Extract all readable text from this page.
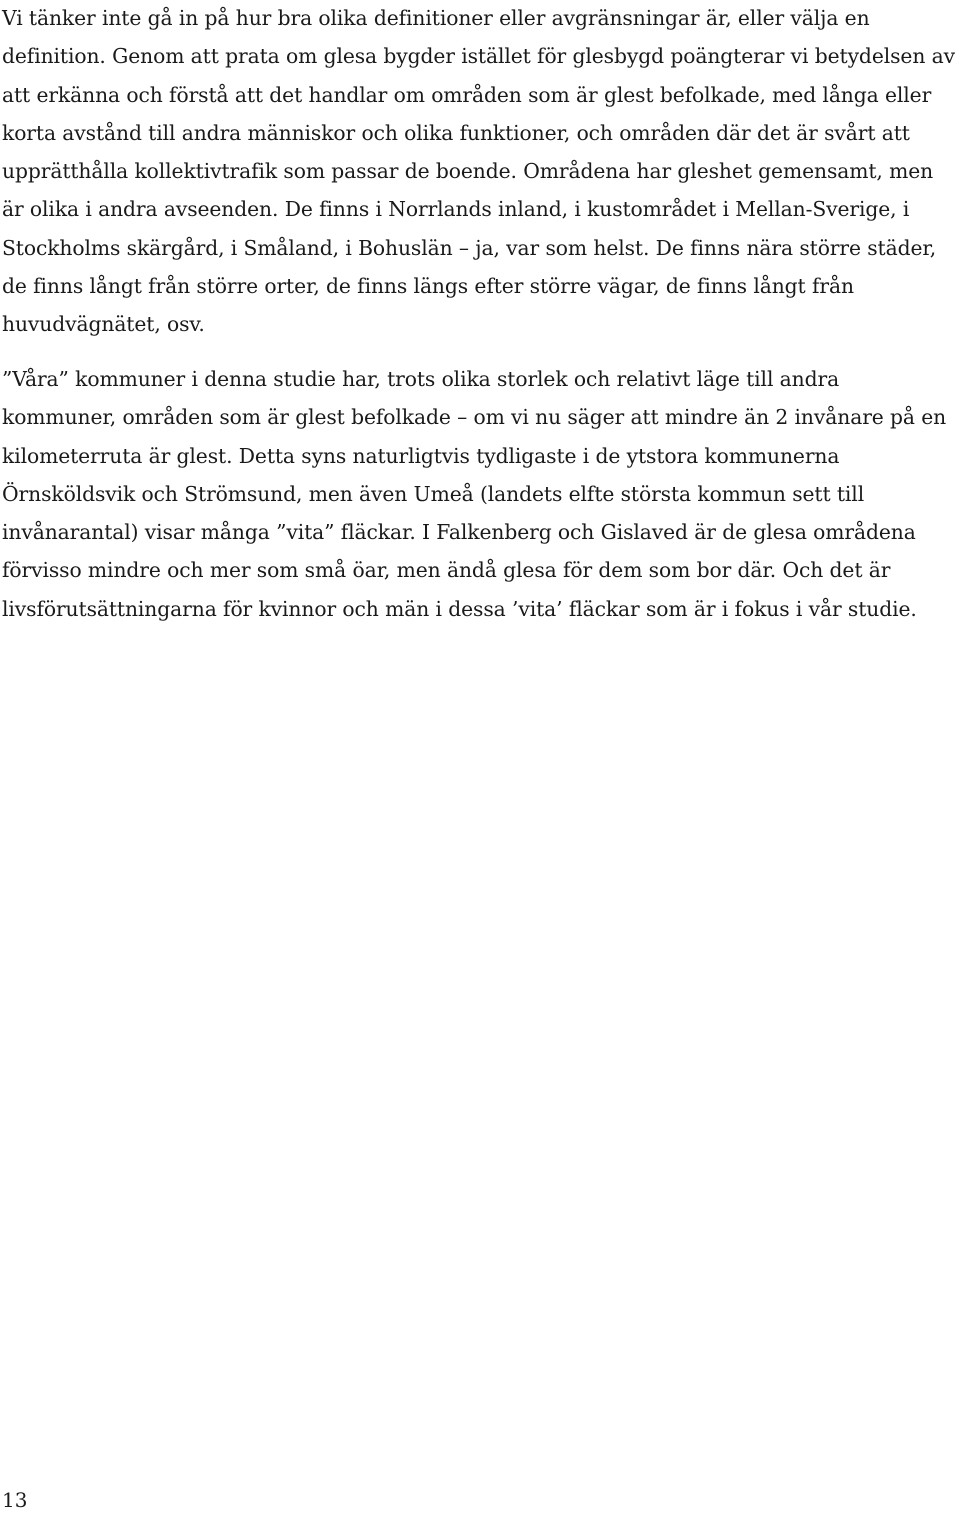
Vi tänker inte gå in på hur bra olika definitioner eller avgränsningar är, eller välja en definition. Genom att prata om glesa bygder istället för glesbygd poängterar vi betydelsen av att erkänna och förstå att det handlar om områden som är glest befolkade, med långa eller korta avstånd till andra människor och olika funktioner, och områden där det är svårt att upprätthålla kollektivtrafik som passar de boende. Områdena har gleshet gemensamt, men är olika i andra avseenden. De finns i Norrlands inland, i kustområdet i Mellan-Sverige, i Stockholms skärgård, i Småland, i Bohuslän – ja, var som helst. De finns nära större städer, de finns långt från större orter, de finns längs efter större vägar, de finns långt från huvudvägnätet, osv.

”Våra” kommuner i denna studie har, trots olika storlek och relativt läge till andra kommuner, områden som är glest befolkade – om vi nu säger att mindre än 2 invånare på en kilometerruta är glest. Detta syns naturligtvis tydligaste i de ytstora kommunerna Örnsköldsvik och Strömsund, men även Umeå (landets elfte största kommun sett till invånarantal) visar många ”vita” fläckar. I Falkenberg och Gislaved är de glesa områdena förvisso mindre och mer som små öar, men ändå glesa för dem som bor där. Och det är livsförutsättningarna för kvinnor och män i dessa ’vita’ fläckar som är i fokus i vår studie.

13
